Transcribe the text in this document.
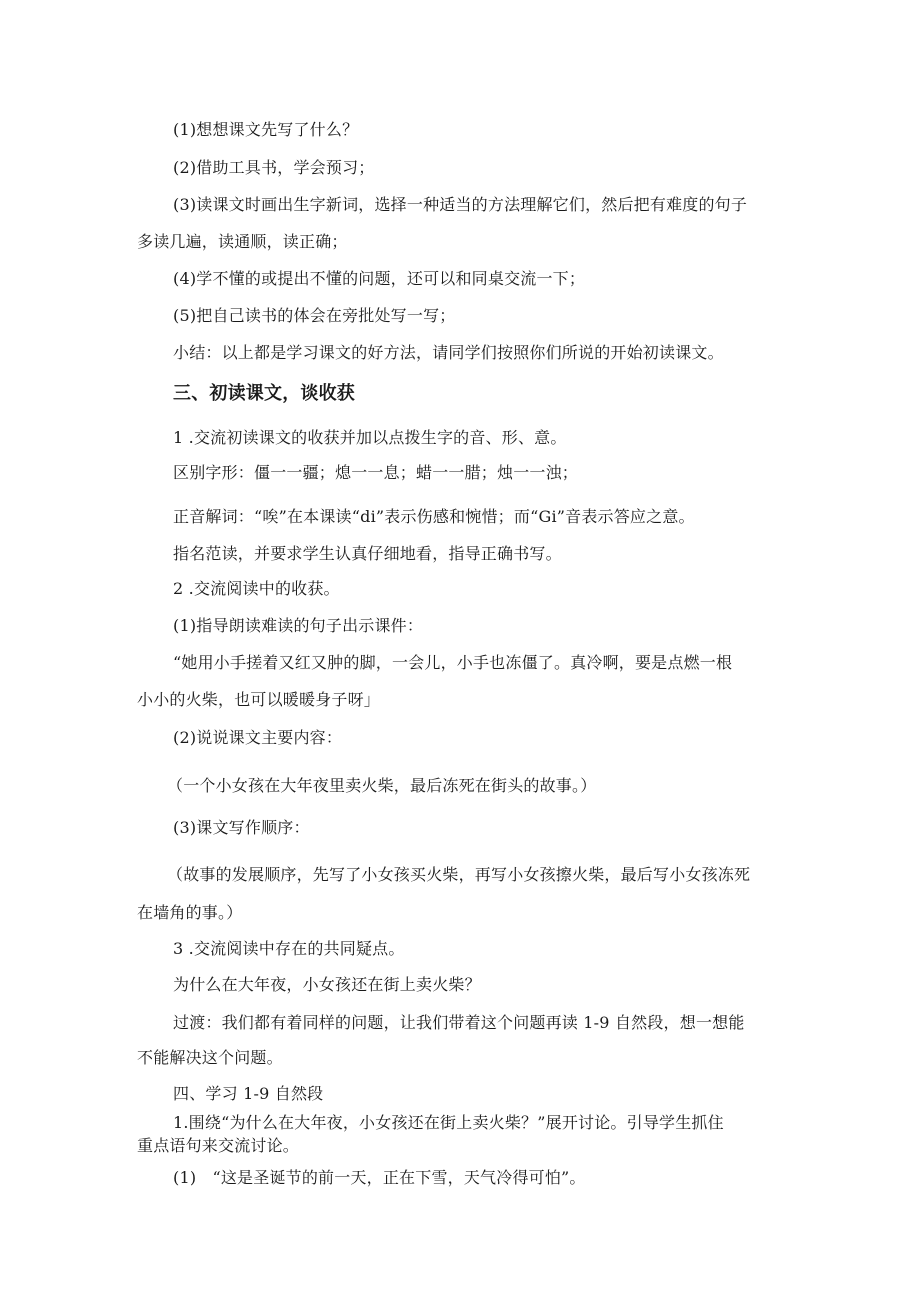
(1)想想课文先写了什么？
(2)借助工具书，学会预习；
(3)读课文时画出生字新词，选择一种适当的方法理解它们，然后把有难度的句子
多读几遍，读通顺，读正确；
(4)学不懂的或提出不懂的问题，还可以和同桌交流一下；
(5)把自己读书的体会在旁批处写一写；
小结：以上都是学习课文的好方法，请同学们按照你们所说的开始初读课文。
三、初读课文，谈收获
1 .交流初读课文的收获并加以点拨生字的音、形、意。
区别字形：僵一一疆；熄一一息；蜡一一腊；烛一一浊；
正音解词：“唉”在本课读“di”表示伤感和惋惜；而“Gi”音表示答应之意。
指名范读，并要求学生认真仔细地看，指导正确书写。
2 .交流阅读中的收获。
(1)指导朗读难读的句子出示课件：
“她用小手搓着又红又肿的脚，一会儿，小手也冻僵了。真冷啊，要是点燃一根
小小的火柴，也可以暖暖身子呀」
(2)说说课文主要内容：
（一个小女孩在大年夜里卖火柴，最后冻死在街头的故事。）
(3)课文写作顺序：
（故事的发展顺序，先写了小女孩买火柴，再写小女孩擦火柴，最后写小女孩冻死
在墙角的事。）
3 .交流阅读中存在的共同疑点。
为什么在大年夜，小女孩还在街上卖火柴？
过渡：我们都有着同样的问题，让我们带着这个问题再读 1-9 自然段，想一想能
不能解决这个问题。
四、学习 1-9 自然段
1.围绕“为什么在大年夜，小女孩还在街上卖火柴？”展开讨论。引导学生抓住
重点语句来交流讨论。
(1)　“这是圣诞节的前一天，正在下雪，天气冷得可怕”。
